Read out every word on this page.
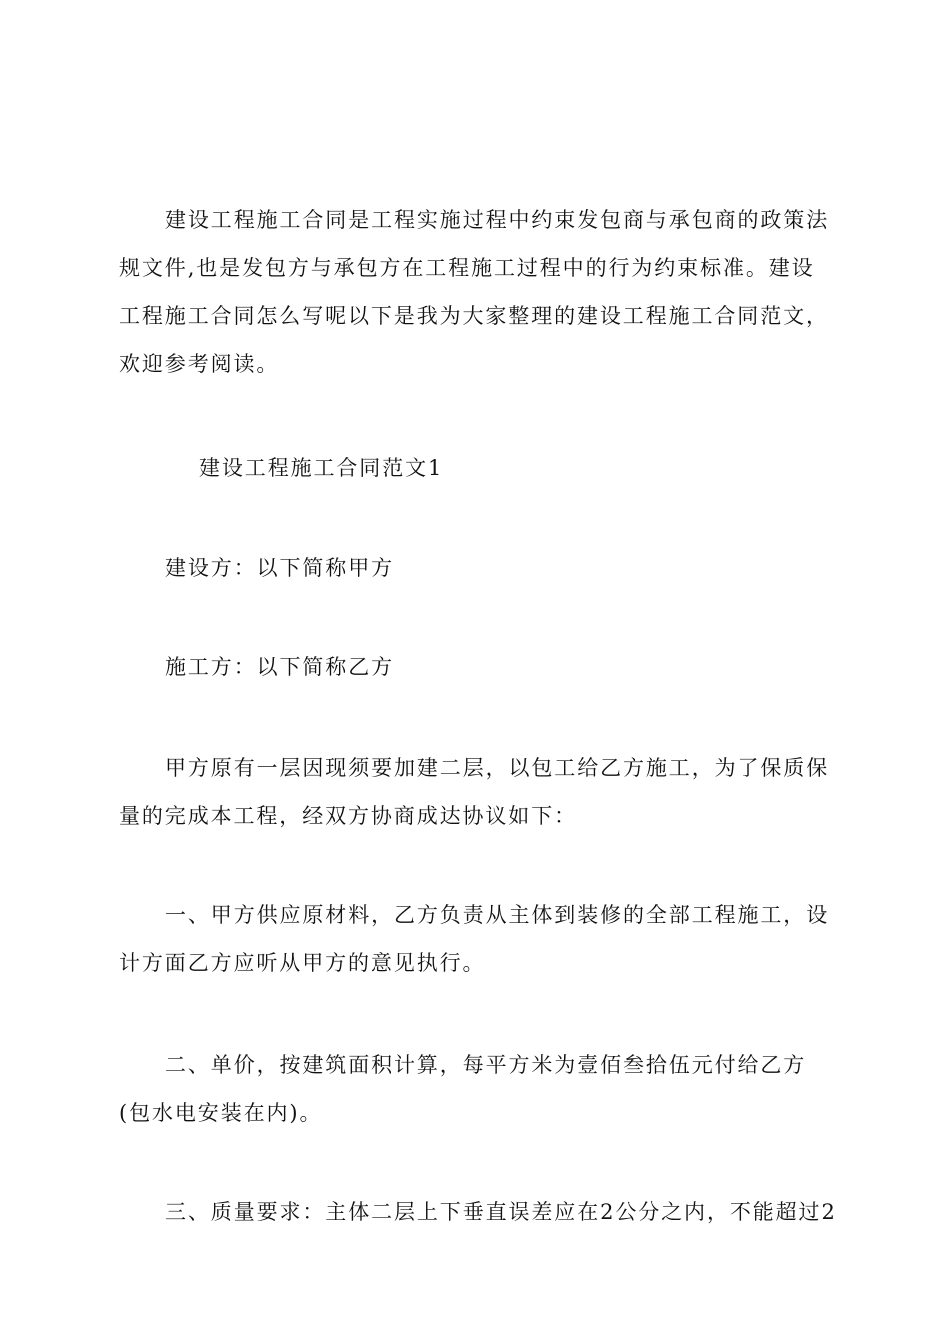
建设工程施工合同是工程实施过程中约束发包商与承包商的政策法规文件,也是发包方与承包方在工程施工过程中的行为约束标准。建设工程施工合同怎么写呢以下是我为大家整理的建设工程施工合同范文，欢迎参考阅读。

建设工程施工合同范文1

建设方：以下简称甲方

施工方：以下简称乙方

甲方原有一层因现须要加建二层，以包工给乙方施工，为了保质保量的完成本工程，经双方协商成达协议如下：

一、甲方供应原材料，乙方负责从主体到装修的全部工程施工，设计方面乙方应听从甲方的意见执行。

二、单价，按建筑面积计算，每平方米为壹佰叁拾伍元付给乙方(包水电安装在内)。

三、质量要求：主体二层上下垂直误差应在2公分之内，不能超过2
